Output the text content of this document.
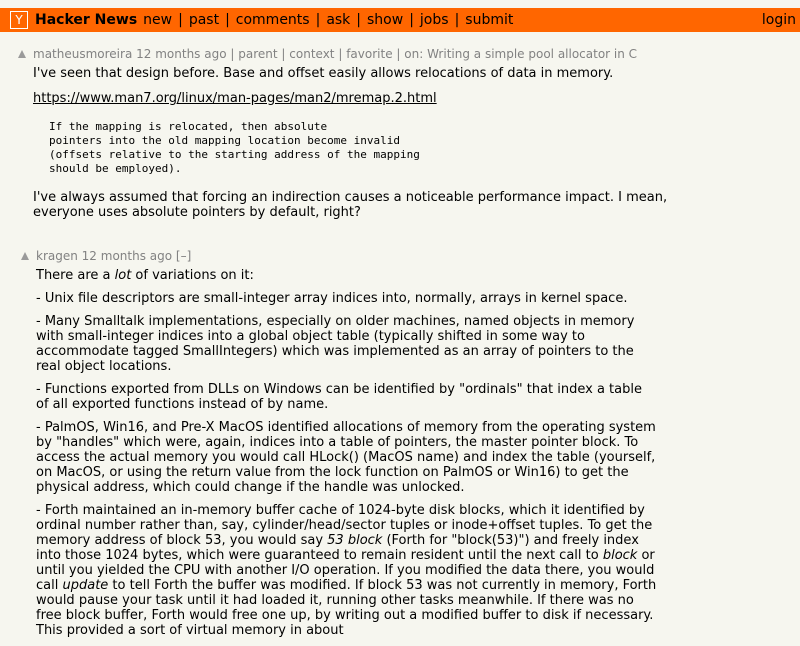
Y Hacker News new | past | comments | ask | show | jobs | submit	login
matheusmoreira 12 months ago | parent | context | favorite | on: Writing a simple pool allocator in C

I've seen that design before. Base and offset easily allows relocations of data in memory.

https://www.man7.org/linux/man-pages/man2/mremap.2.html

If the mapping is relocated, then absolute
pointers into the old mapping location become invalid
(offsets relative to the starting address of the mapping
should be employed).

I've always assumed that forcing an indirection causes a noticeable performance impact. I mean, everyone uses absolute pointers by default, right?

kragen 12 months ago [–]

There are a lot of variations on it:

- Unix file descriptors are small-integer array indices into, normally, arrays in kernel space.

- Many Smalltalk implementations, especially on older machines, named objects in memory with small-integer indices into a global object table (typically shifted in some way to accommodate tagged SmallIntegers) which was implemented as an array of pointers to the real object locations.

- Functions exported from DLLs on Windows can be identified by "ordinals" that index a table of all exported functions instead of by name.

- PalmOS, Win16, and Pre-X MacOS identified allocations of memory from the operating system by "handles" which were, again, indices into a table of pointers, the master pointer block. To access the actual memory you would call HLock() (MacOS name) and index the table (yourself, on MacOS, or using the return value from the lock function on PalmOS or Win16) to get the physical address, which could change if the handle was unlocked.

- Forth maintained an in-memory buffer cache of 1024-byte disk blocks, which it identified by ordinal number rather than, say, cylinder/head/sector tuples or inode+offset tuples. To get the memory address of block 53, you would say 53 block (Forth for "block(53)") and freely index into those 1024 bytes, which were guaranteed to remain resident until the next call to block or until you yielded the CPU with another I/O operation. If you modified the data there, you would call update to tell Forth the buffer was modified. If block 53 was not currently in memory, Forth would pause your task until it had loaded it, running other tasks meanwhile. If there was no free block buffer, Forth would free one up, by writing out a modified buffer to disk if necessary. This provided a sort of virtual memory in about
